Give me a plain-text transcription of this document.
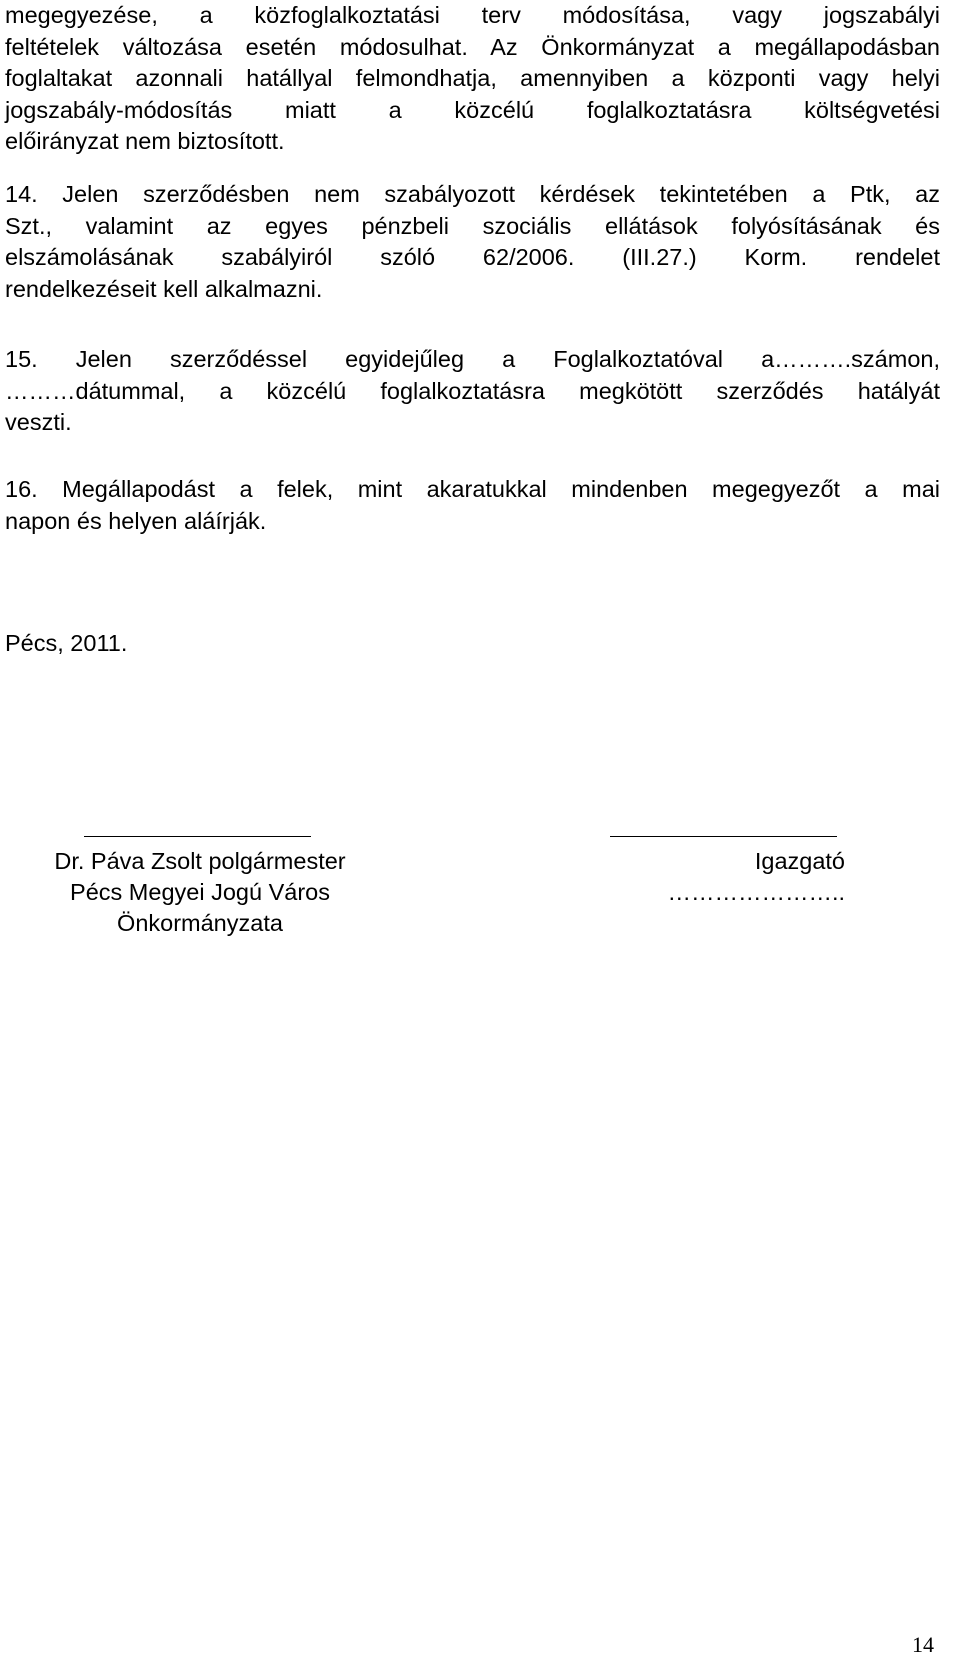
megegyezése, a közfoglalkoztatási terv módosítása, vagy jogszabályi
feltételek változása esetén módosulhat. Az Önkormányzat a megállapodásban
foglaltakat azonnali hatállyal felmondhatja, amennyiben a központi vagy helyi
jogszabály-módosítás miatt a közcélú foglalkoztatásra költségvetési
előirányzat nem biztosított.
14. Jelen szerződésben nem szabályozott kérdések tekintetében a Ptk, az
Szt., valamint az egyes pénzbeli szociális ellátások folyósításának és
elszámolásának szabályiról szóló 62/2006. (III.27.) Korm. rendelet
rendelkezéseit kell alkalmazni.
15. Jelen szerződéssel egyidejűleg a Foglalkoztatóval a……….számon,
………dátummal, a közcélú foglalkoztatásra megkötött szerződés hatályát
veszti.
16. Megállapodást a felek, mint akaratukkal mindenben megegyezőt a mai
napon és helyen aláírják.
Pécs, 2011.
Dr. Páva Zsolt polgármester
Pécs Megyei Jogú Város
Önkormányzata
Igazgató
…………………..
14
